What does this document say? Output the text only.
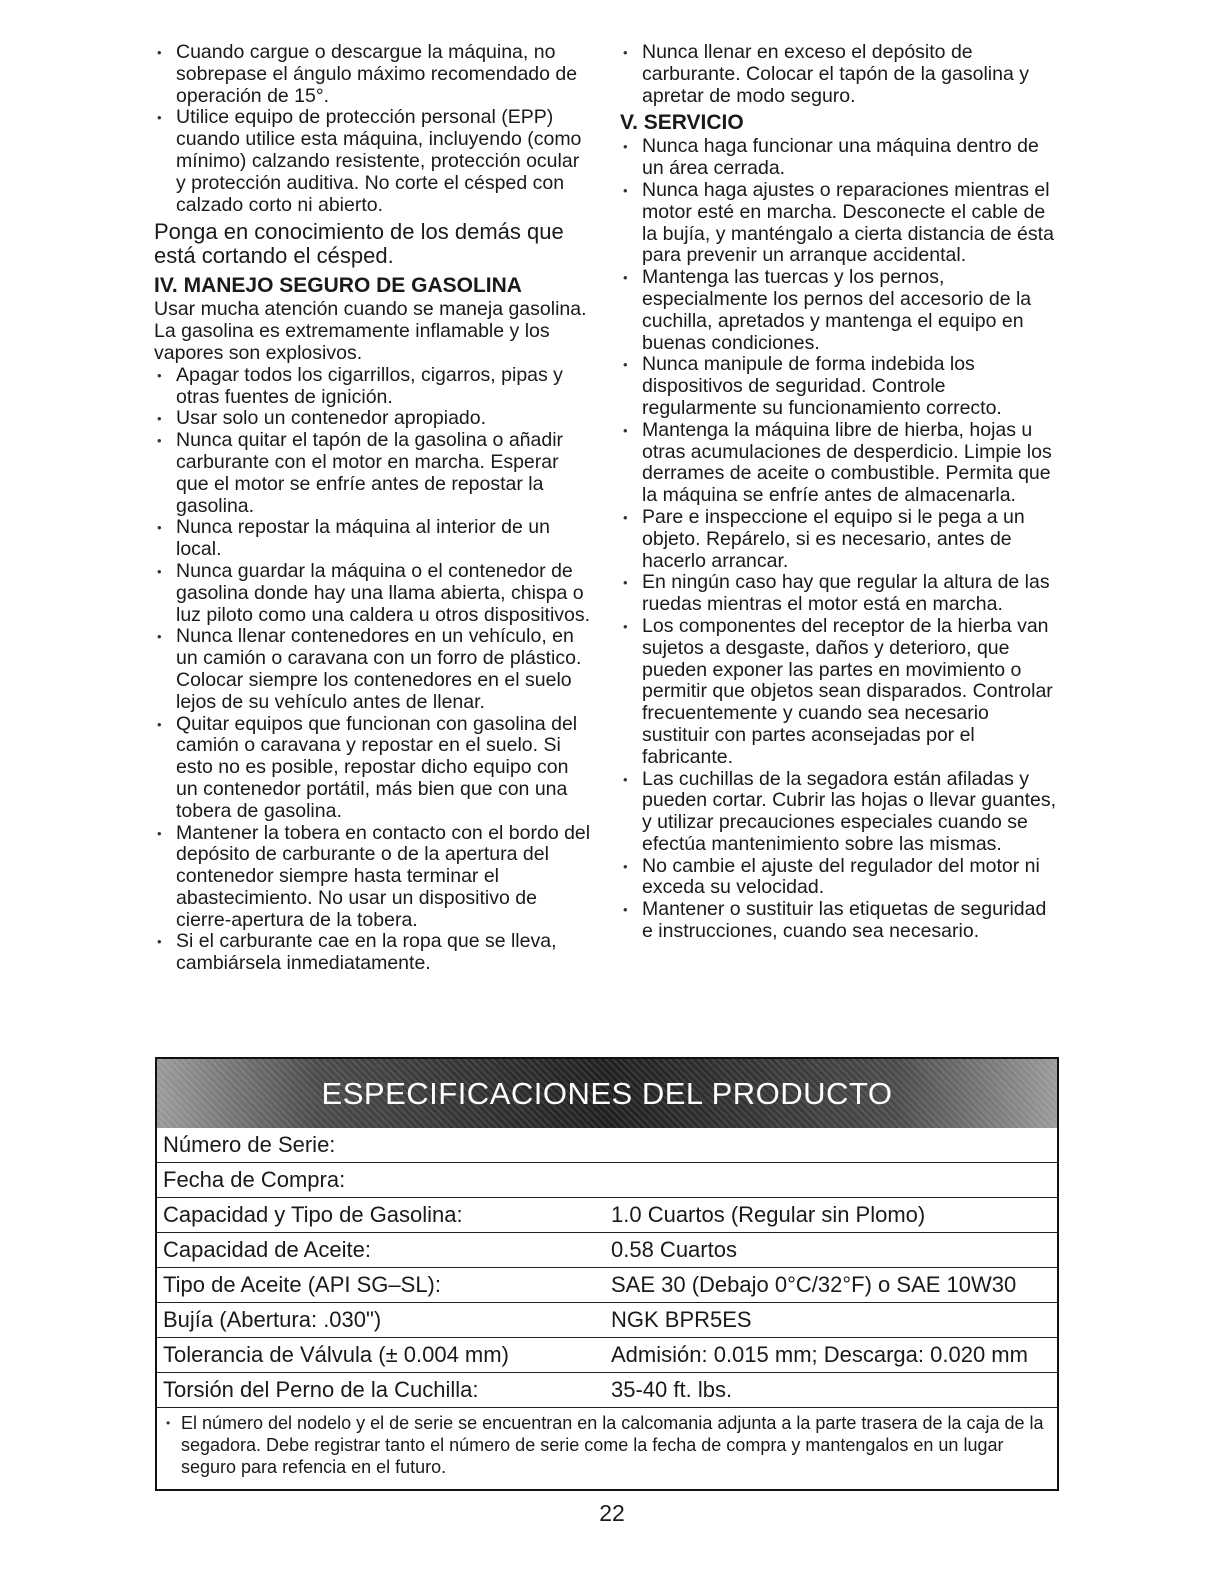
• Cuando cargue o descargue la máquina, no sobrepase el ángulo máximo recomendado de operación de 15°.
• Utilice equipo de protección personal (EPP) cuando utilice esta máquina, incluyendo (como mínimo) calzando resistente, protección ocular y protección auditiva. No corte el césped con calzado corto ni abierto.

Ponga en conocimiento de los demás que está cortando el césped.

IV. MANEJO SEGURO DE GASOLINA

Usar mucha atención cuando se maneja gasolina. La gasolina es extremamente inflamable y los vapores son explosivos.

• Apagar todos los cigarrillos, cigarros, pipas y otras fuentes de ignición.
• Usar solo un contenedor apropiado.
• Nunca quitar el tapón de la gasolina o añadir carburante con el motor en marcha. Esperar que el motor se enfríe antes de repostar la gasolina.
• Nunca repostar la máquina al interior de un local.
• Nunca guardar la máquina o el contenedor de gasolina donde hay una llama abierta, chispa o luz piloto como una caldera u otros dispositivos.
• Nunca llenar contenedores en un vehículo, en un camión o caravana con un forro de plástico. Colocar siempre los contenedores en el suelo lejos de su vehículo antes de llenar.
• Quitar equipos que funcionan con gasolina del camión o caravana y repostar en el suelo. Si esto no es posible, repostar dicho equipo con un contenedor portátil, más bien que con una tobera de gasolina.
• Mantener la tobera en contacto con el bordo del depósito de carburante o de la apertura del contenedor siempre hasta terminar el abastecimiento. No usar un dispositivo de cierre-apertura de la tobera.
• Si el carburante cae en la ropa que se lleva, cambiársela inmediatamente.
• Nunca llenar en exceso el depósito de carburante. Colocar el tapón de la gasolina y apretar de modo seguro.
V. SERVICIO
• Nunca haga funcionar una máquina dentro de un área cerrada.
• Nunca haga ajustes o reparaciones mientras el motor esté en marcha. Desconecte el cable de la bujía, y manténgalo a cierta distancia de ésta para prevenir un arranque accidental.
• Mantenga las tuercas y los pernos, especialmente los pernos del accesorio de la cuchilla, apretados y mantenga el equipo en buenas condiciones.
• Nunca manipule de forma indebida los dispositivos de seguridad. Controle regularmente su funcionamiento correcto.
• Mantenga la máquina libre de hierba, hojas u otras acumulaciones de desperdicio. Limpie los derrames de aceite o combustible. Permita que la máquina se enfríe antes de almacenarla.
• Pare e inspeccione el equipo si le pega a un objeto. Repárelo, si es necesario, antes de hacerlo arrancar.
• En ningún caso hay que regular la altura de las ruedas mientras el motor está en marcha.
• Los componentes del receptor de la hierba van sujetos a desgaste, daños y deterioro, que pueden exponer las partes en movimiento o permitir que objetos sean disparados. Controlar frecuentemente y cuando sea necesario sustituir con partes aconsejadas por el fabricante.
• Las cuchillas de la segadora están afiladas y pueden cortar. Cubrir las hojas o llevar guantes, y utilizar precauciones especiales cuando se efectúa mantenimiento sobre las mismas.
• No cambie el ajuste del regulador del motor ni exceda su velocidad.
• Mantener o sustituir las etiquetas de seguridad e instrucciones, cuando sea necesario.
ESPECIFICACIONES DEL PRODUCTO
Número de Serie:
Fecha de Compra:
Capacidad y Tipo de Gasolina:	1.0 Cuartos (Regular sin Plomo)
Capacidad de Aceite:	0.58 Cuartos
Tipo de Aceite (API SG–SL):	SAE 30 (Debajo 0°C/32°F) o SAE 10W30
Bujía (Abertura: .030")	NGK BPR5ES
Tolerancia de Válvula (± 0.004 mm)	Admisión: 0.015 mm; Descarga: 0.020 mm
Torsión del Perno de la Cuchilla:	35-40 ft. lbs.
• El número del nodelo y el de serie se encuentran en la calcomania adjunta a la parte trasera de la caja de la segadora. Debe registrar tanto el número de serie come la fecha de compra y mantengalos en un lugar seguro para refencia en el futuro.
22
